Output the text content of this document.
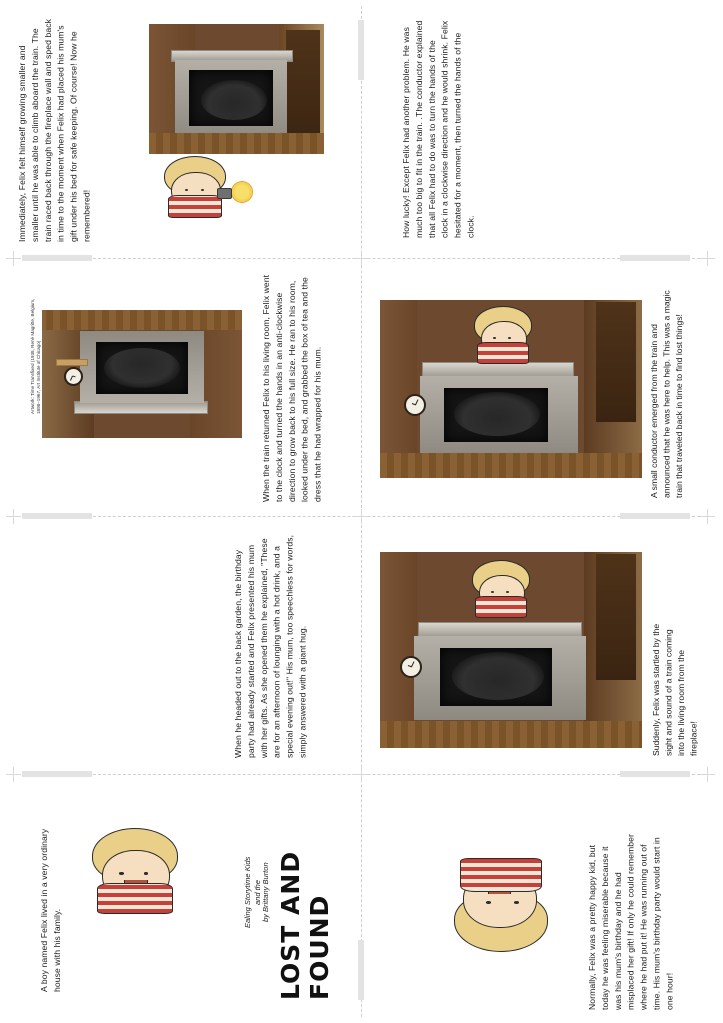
Immediately, Felix felt himself growing smaller and smaller until he was able to climb aboard the train. The train raced back through the fireplace wall and sped back in time to the moment when Felix had placed his mum's gift under his bed for safe keeping. Of course! Now he remembered!	How lucky! Except Felix had another problem. He was much too big to fit in the train. .The conductor explained that all Felix had to do was to turn the hands of the clock in a clockwise direction and he would shrink. Felix hesitated for a moment, then turned the hands of the clock.
When the train returned Felix to his living room, Felix went to the clock and turned the hands in an anti-clockwise direction to grow back to his full size. He ran to his room, looked under the bed, and grabbed the box of tea and the dress that he had wrapped for his mum.
Artwork: Time Transfixed (1938, René Magritte, Belgium, 1898–1967, Art Institute of Chicago)	A small conductor emerged from the train and announced that he was here to help. This was a magic train that traveled back in time to find lost things!
When he headed out to the back garden, the birthday party had already started and Felix presented his mum with her gifts. As she opened them he explained, "These are for an afternoon of lounging with a hot drink, and a special evening out!" His mum, too speechless for words, simply answered with a giant hug.	Suddenly, Felix was startled by the sight and sound of a train coming into the living room from the fireplace!
A boy named Felix lived in a very ordinary house with his family.	LOST AND FOUND
by Brittany Burton
and the
Ealing Storytime Kids	Normally, Felix was a pretty happy kid, but today he was feeling miserable because it was his mum's birthday and he had misplaced her gift! If only he could remember where he had put it! He was running out of time. His mum's birthday party would start in one hour!
